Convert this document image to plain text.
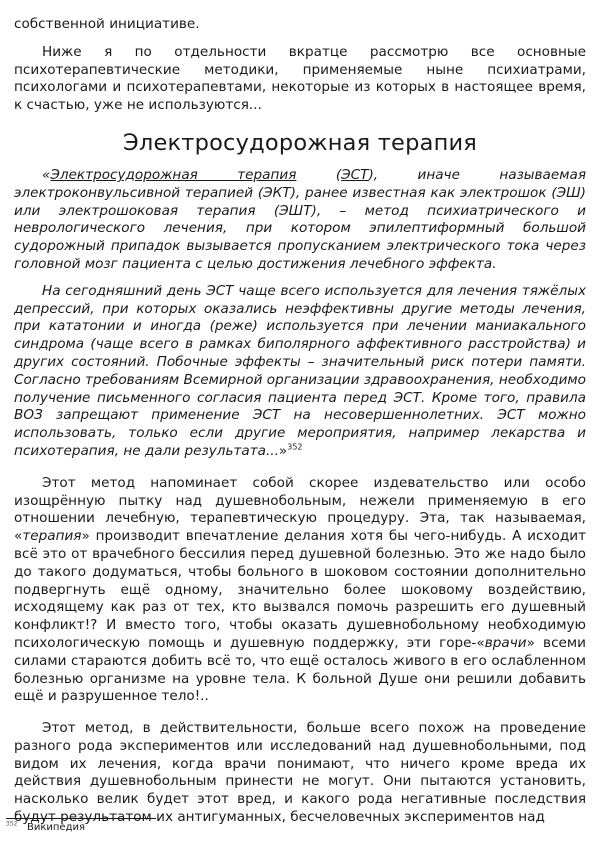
собственной инициативе.

Ниже я по отдельности вкратце рассмотрю все основные психотерапевтические методики, применяемые ныне психиатрами, психологами и психотерапевтами, некоторые из которых в настоящее время, к счастью, уже не используются...

Электросудорожная терапия

«Электросудорожная терапия (ЭСТ), иначе называемая электроконвульсивной терапией (ЭКТ), ранее известная как электрошок (ЭШ) или электрошоковая терапия (ЭШТ), – метод психиатрического и неврологического лечения, при котором эпилептиформный большой судорожный припадок вызывается пропусканием электрического тока через головной мозг пациента с целью достижения лечебного эффекта.

На сегодняшний день ЭСТ чаще всего используется для лечения тяжёлых депрессий, при которых оказались неэффективны другие методы лечения, при кататонии и иногда (реже) используется при лечении маниакального синдрома (чаще всего в рамках биполярного аффективного расстройства) и других состояний. Побочные эффекты – значительный риск потери памяти. Согласно требованиям Всемирной организации здравоохранения, необходимо получение письменного согласия пациента перед ЭСТ. Кроме того, правила ВОЗ запрещают применение ЭСТ на несовершеннолетних. ЭСТ можно использовать, только если другие мероприятия, например лекарства и психотерапия, не дали результата...»$^{352}$

Этот метод напоминает собой скорее издевательство или особо изощрённую пытку над душевнобольным, нежели применяемую в его отношении лечебную, терапевтическую процедуру. Эта, так называемая, «терапия» производит впечатление делания хотя бы чего-нибудь. А исходит всё это от врачебного бессилия перед душевной болезнью. Это же надо было до такого додуматься, чтобы больного в шоковом состоянии дополнительно подвергнуть ещё одному, значительно более шоковому воздействию, исходящему как раз от тех, кто вызвался помочь разрешить его душевный конфликт!? И вместо того, чтобы оказать душевнобольному необходимую психологическую помощь и душевную поддержку, эти горе-«врачи» всеми силами стараются добить всё то, что ещё осталось живого в его ослабленном болезнью организме на уровне тела. К больной Душе они решили добавить ещё и разрушенное тело!..

Этот метод, в действительности, больше всего похож на проведение разного рода экспериментов или исследований над душевнобольными, под видом их лечения, когда врачи понимают, что ничего кроме вреда их действия душевнобольным принести не могут. Они пытаются установить, насколько велик будет этот вред, и какого рода негативные последствия будут результатом их антигуманных, бесчеловечных экспериментов над

$^{352}$ Википедия
